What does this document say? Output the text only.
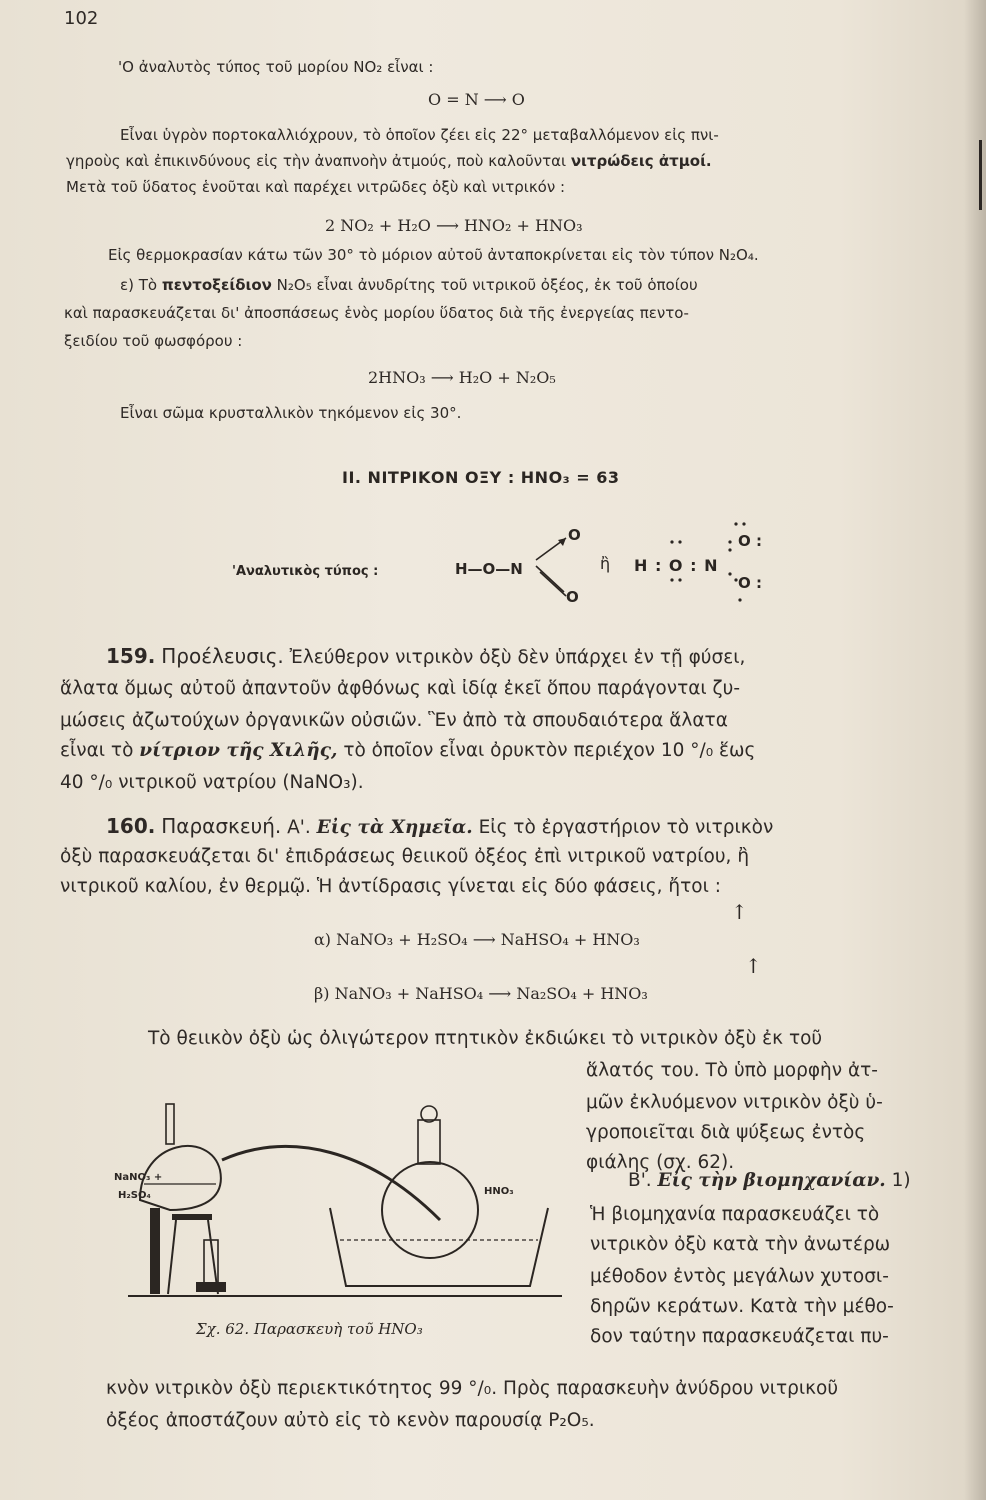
102

'Ο ἀναλυτὸς τύπος τοῦ μορίου ΝΟ₂ εἶναι :

O = N ⟶ O

Εἶναι ὑγρὸν πορτοκαλλιόχρουν, τὸ ὁποῖον ζέει εἰς 22° μεταβαλλόμενον εἰς πνι-

γηροὺς καὶ ἐπικινδύνους εἰς τὴν ἀναπνοὴν ἀτμούς, ποὺ καλοῦνται νιτρώδεις ἀτμοί.

Μετὰ τοῦ ὕδατος ἑνοῦται καὶ παρέχει νιτρῶδες ὀξὺ καὶ νιτρικόν :

2 NO₂ + H₂O ⟶ HNO₂ + HNO₃

Εἰς θερμοκρασίαν κάτω τῶν 30° τὸ μόριον αὐτοῦ ἀνταποκρίνεται εἰς τὸν τύπον N₂O₄.

ε) Τὸ πεντοξείδιον N₂O₅ εἶναι ἀνυδρίτης τοῦ νιτρικοῦ ὀξέος, ἐκ τοῦ ὁποίου

καὶ παρασκευάζεται δι' ἀποσπάσεως ἑνὸς μορίου ὕδατος διὰ τῆς ἐνεργείας πεντο-

ξειδίου τοῦ φωσφόρου :

2HNO₃ ⟶ H₂O + N₂O₅

Εἶναι σῶμα κρυσταλλικὸν τηκόμενον εἰς 30°.

ΙΙ. ΝΙΤΡΙΚΟΝ ΟΞΥ : HNO₃ = 63
'Αναλυτικὸς τύπος :	H—O—N
O
O
ἢ H : O : N
O :
O :

159. Προέλευσις. Ἐλεύθερον νιτρικὸν ὀξὺ δὲν ὑπάρχει ἐν τῇ φύσει,

ἅλατα ὅμως αὐτοῦ ἀπαντοῦν ἀφθόνως καὶ ἰδίᾳ ἐκεῖ ὅπου παράγονται ζυ-

μώσεις ἀζωτούχων ὀργανικῶν οὐσιῶν. Ἓν ἀπὸ τὰ σπουδαιότερα ἅλατα

εἶναι τὸ νίτριον τῆς Χιλῆς, τὸ ὁποῖον εἶναι ὀρυκτὸν περιέχον 10 °/₀ ἕως

40 °/₀ νιτρικοῦ νατρίου (NaNO₃).

160. Παρασκευή. Α'. Εἰς τὰ Χημεῖα. Εἰς τὸ ἐργαστήριον τὸ νιτρικὸν

ὀξὺ παρασκευάζεται δι' ἐπιδράσεως θειικοῦ ὀξέος ἐπὶ νιτρικοῦ νατρίου, ἢ

νιτρικοῦ καλίου, ἐν θερμῷ. Ἡ ἀντίδρασις γίνεται εἰς δύο φάσεις, ἤτοι :

α) NaNO₃ + H₂SO₄ ⟶ NaHSO₄ + HNO₃

↑

β) NaNO₃ + NaHSO₄ ⟶ Na₂SO₄ + HNO₃

↑

Τὸ θειικὸν ὀξὺ ὡς ὀλιγώτερον πτητικὸν ἐκδιώκει τὸ νιτρικὸν ὀξὺ ἐκ τοῦ

ἅλατός του. Τὸ ὑπὸ μορφὴν ἀτ-

μῶν ἐκλυόμενον νιτρικὸν ὀξὺ ὑ-

γροποιεῖται διὰ ψύξεως ἐντὸς

φιάλης (σχ. 62).

Β'. Εἰς τὴν βιομηχανίαν. 1)

Ἡ βιομηχανία παρασκευάζει τὸ

νιτρικὸν ὀξὺ κατὰ τὴν ἀνωτέρω

μέθοδον ἐντὸς μεγάλων χυτοσι-

δηρῶν κεράτων. Κατὰ τὴν μέθο-

δον ταύτην παρασκευάζεται πυ-

κνὸν νιτρικὸν ὀξὺ περιεκτικότητος 99 °/₀. Πρὸς παρασκευὴν ἀνύδρου νιτρικοῦ

ὀξέος ἀποστάζουν αὐτὸ εἰς τὸ κενὸν παρουσίᾳ P₂O₅.

NaNO₃ +
H₂SO₄	HNO₃
Σχ. 62. Παρασκευὴ τοῦ HNO₃
